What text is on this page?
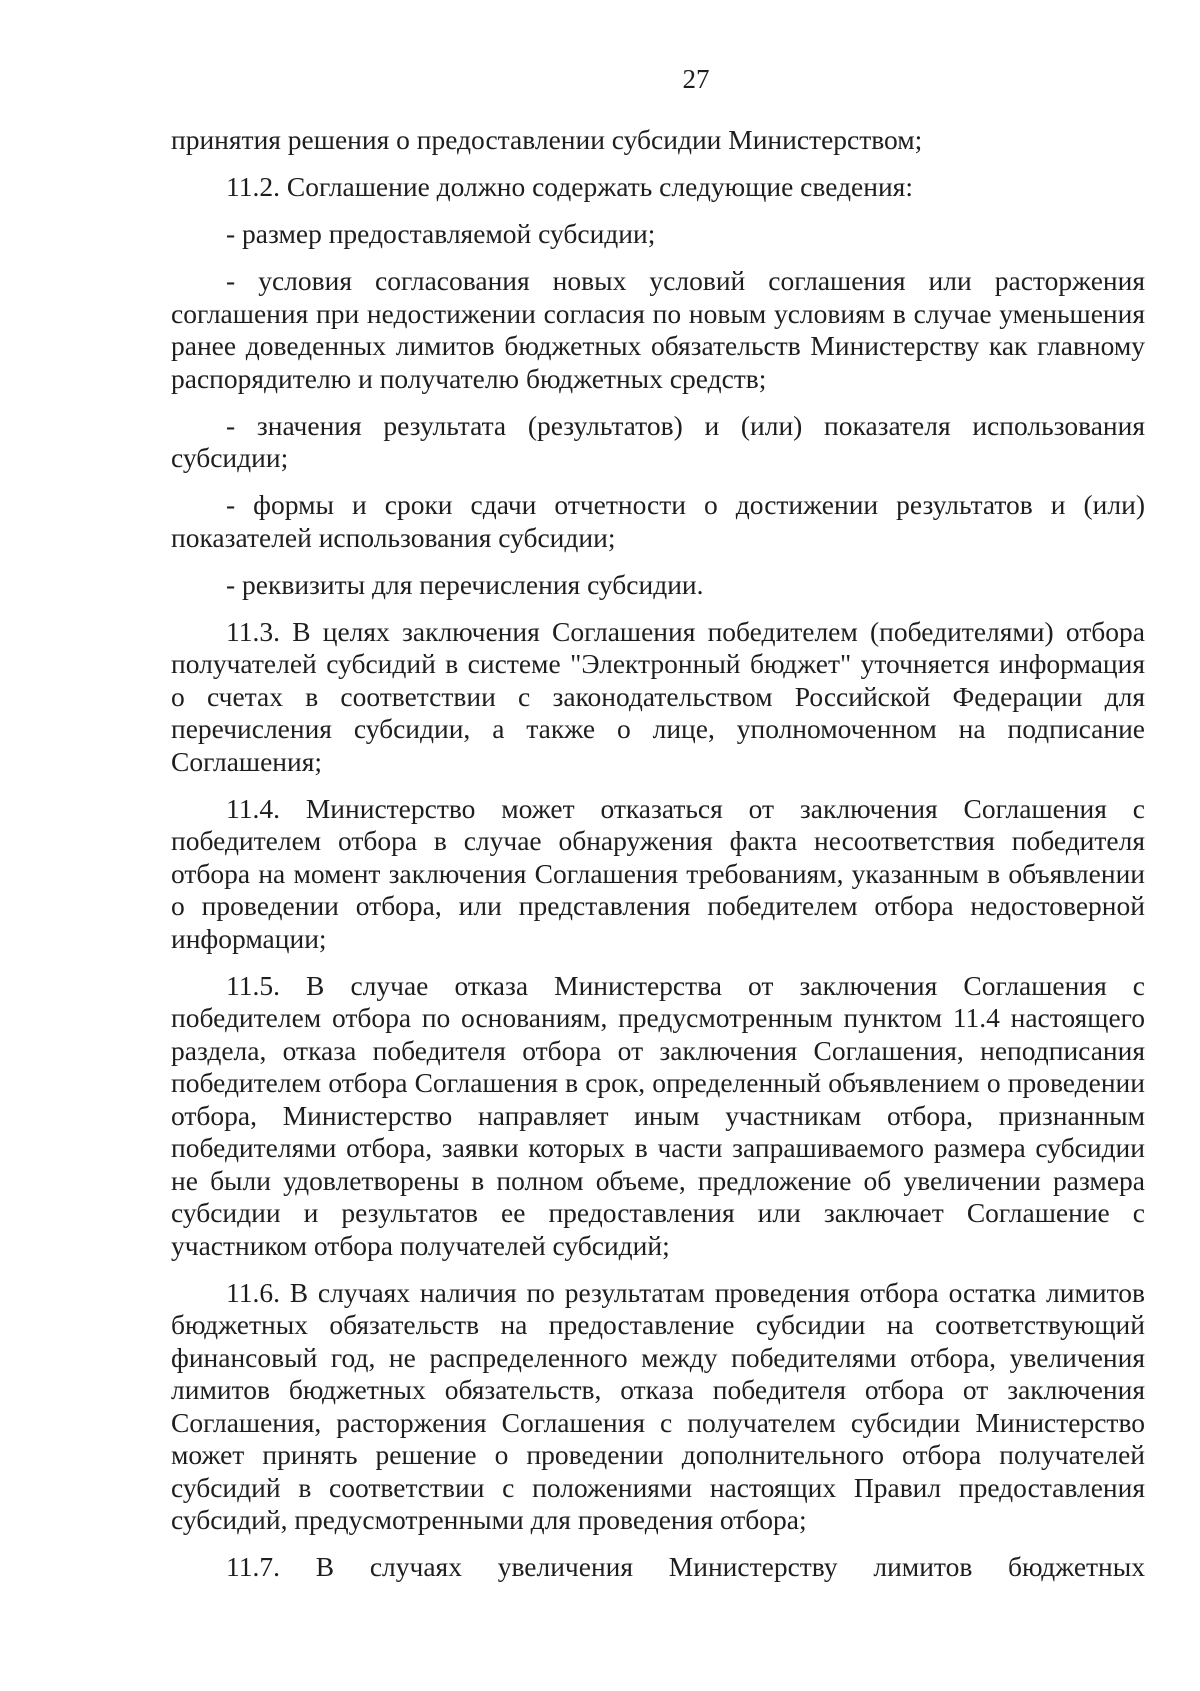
27

принятия решения о предоставлении субсидии Министерством;

11.2. Соглашение должно содержать следующие сведения:

- размер предоставляемой субсидии;

- условия согласования новых условий соглашения или расторжения соглашения при недостижении согласия по новым условиям в случае уменьшения ранее доведенных лимитов бюджетных обязательств Министерству как главному распорядителю и получателю бюджетных средств;

- значения результата (результатов) и (или) показателя использования субсидии;

- формы и сроки сдачи отчетности о достижении результатов и (или) показателей использования субсидии;

- реквизиты для перечисления субсидии.

11.3. В целях заключения Соглашения победителем (победителями) отбора получателей субсидий в системе "Электронный бюджет" уточняется информация о счетах в соответствии с законодательством Российской Федерации для перечисления субсидии, а также о лице, уполномоченном на подписание Соглашения;

11.4. Министерство может отказаться от заключения Соглашения с победителем отбора в случае обнаружения факта несоответствия победителя отбора на момент заключения Соглашения требованиям, указанным в объявлении о проведении отбора, или представления победителем отбора недостоверной информации;

11.5. В случае отказа Министерства от заключения Соглашения с победителем отбора по основаниям, предусмотренным пунктом 11.4 настоящего раздела, отказа победителя отбора от заключения Соглашения, неподписания победителем отбора Соглашения в срок, определенный объявлением о проведении отбора, Министерство направляет иным участникам отбора, признанным победителями отбора, заявки которых в части запрашиваемого размера субсидии не были удовлетворены в полном объеме, предложение об увеличении размера субсидии и результатов ее предоставления или заключает Соглашение с участником отбора получателей субсидий;

11.6. В случаях наличия по результатам проведения отбора остатка лимитов бюджетных обязательств на предоставление субсидии на соответствующий финансовый год, не распределенного между победителями отбора, увеличения лимитов бюджетных обязательств, отказа победителя отбора от заключения Соглашения, расторжения Соглашения с получателем субсидии Министерство может принять решение о проведении дополнительного отбора получателей субсидий в соответствии с положениями настоящих Правил предоставления субсидий, предусмотренными для проведения отбора;

11.7. В случаях увеличения Министерству лимитов бюджетных
